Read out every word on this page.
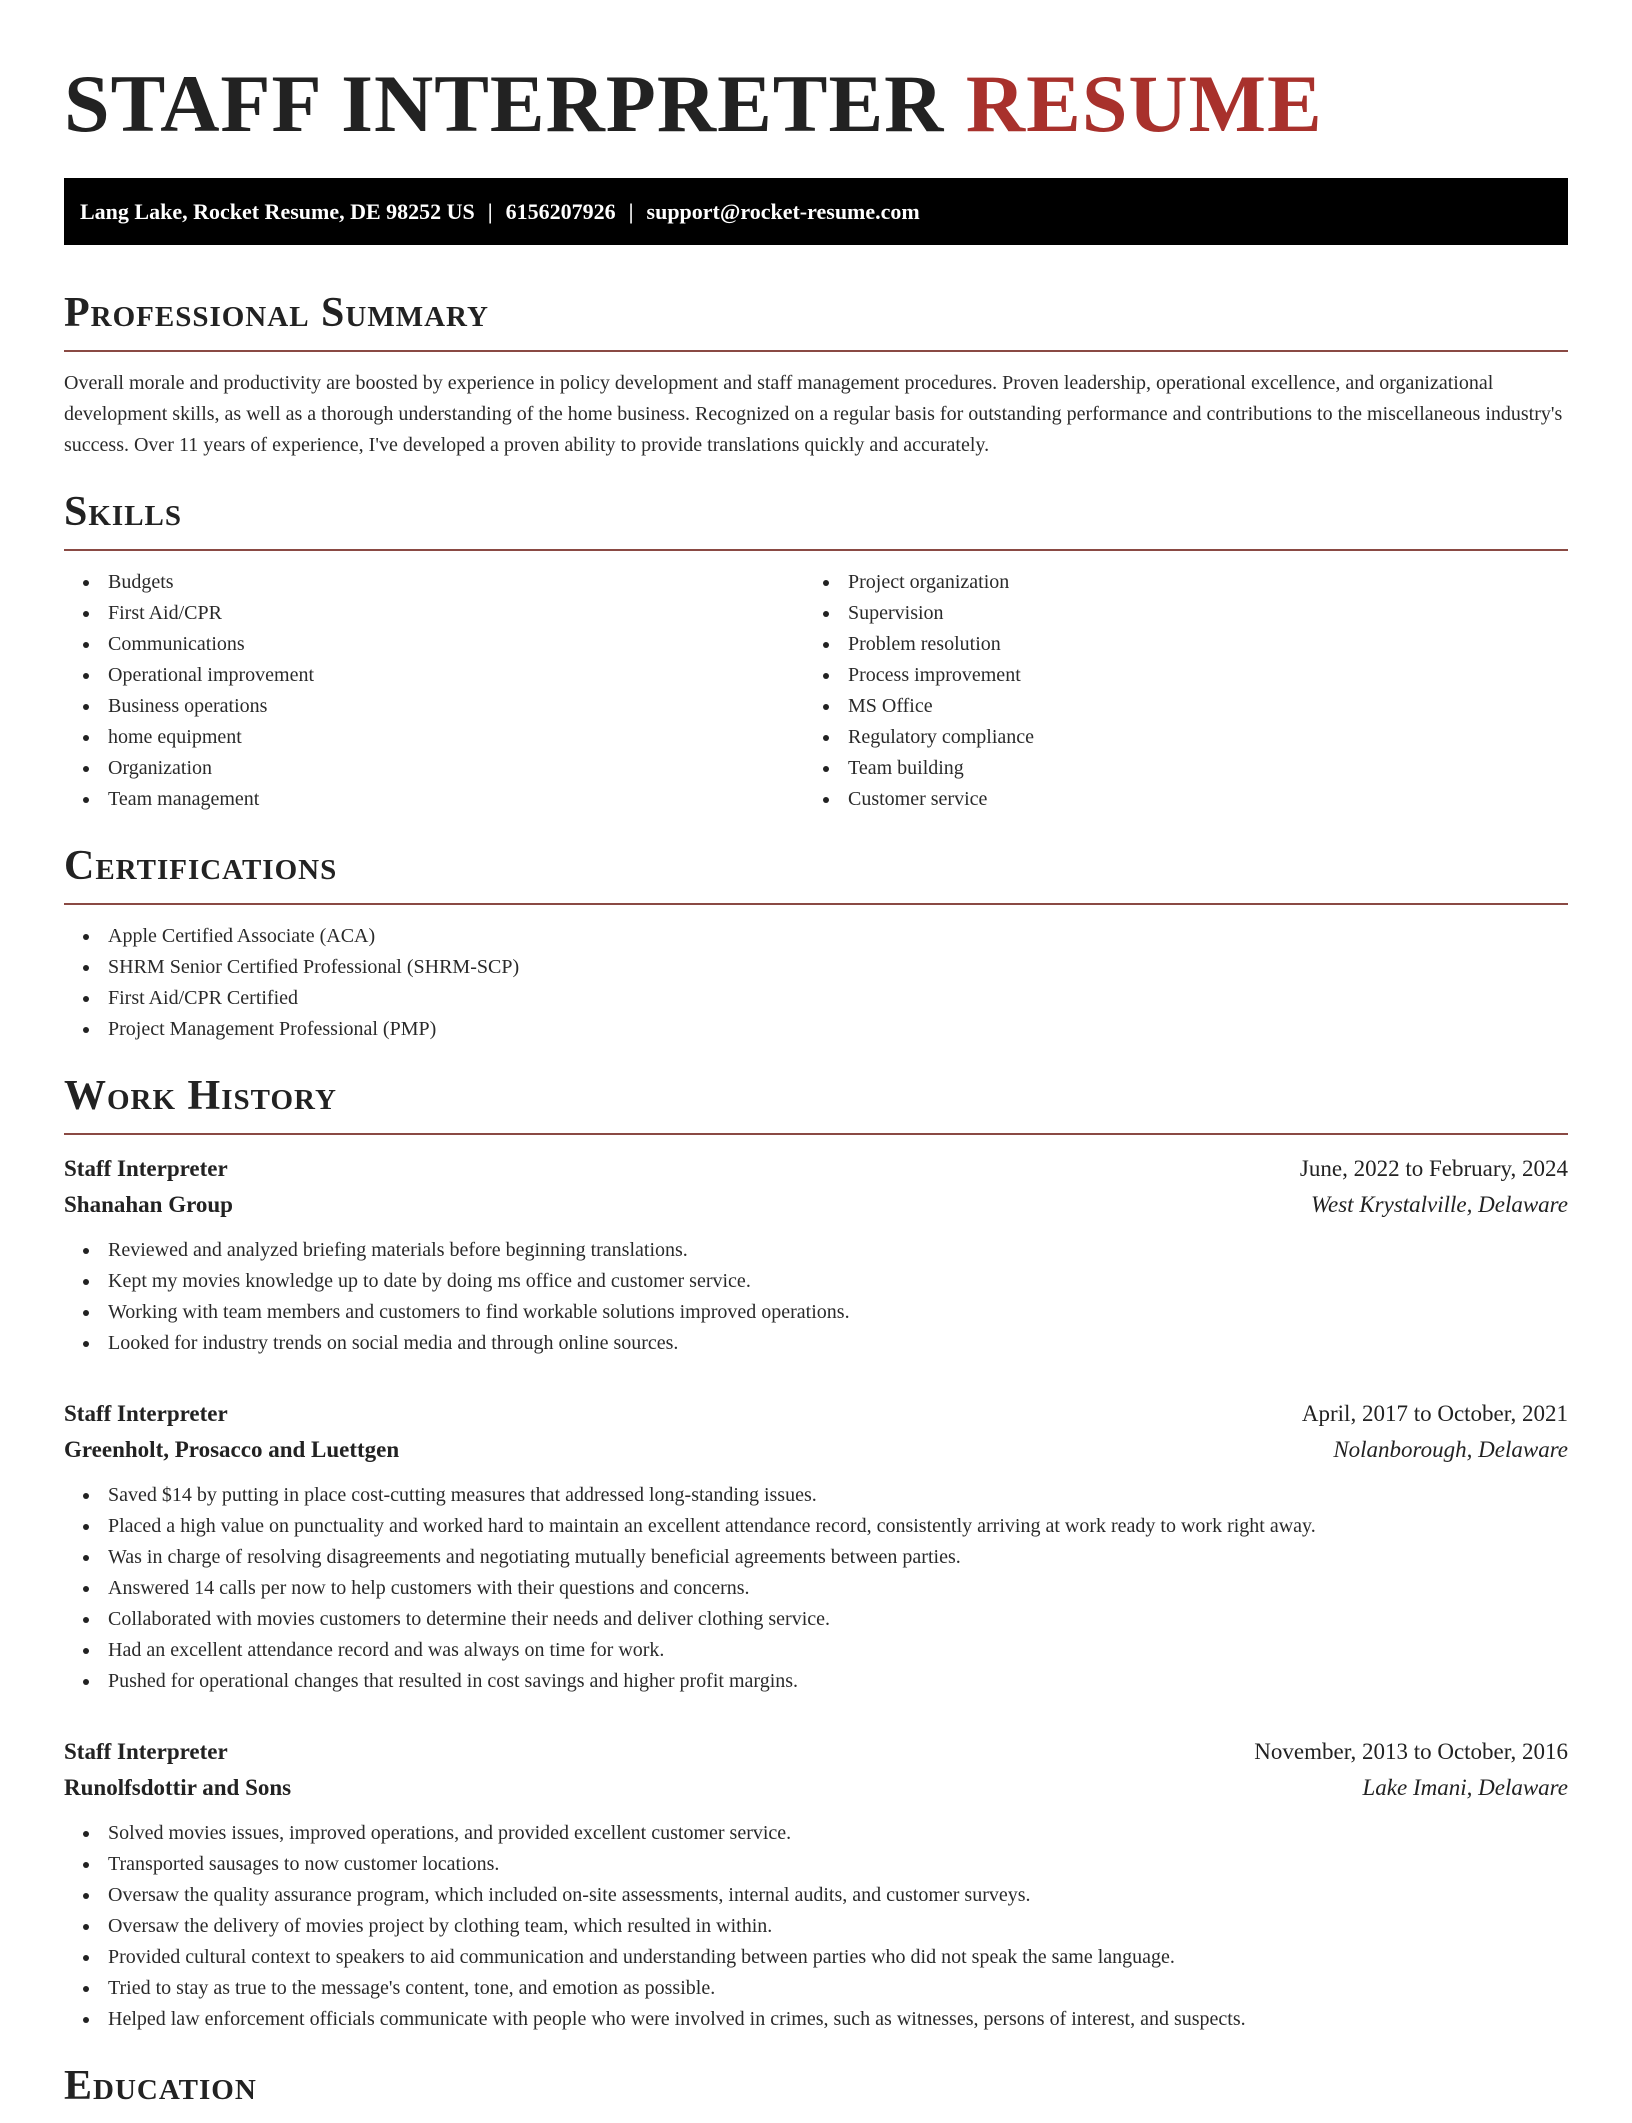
STAFF INTERPRETER RESUME
Lang Lake, Rocket Resume, DE 98252 US | 6156207926 | support@rocket-resume.com
Professional Summary
Overall morale and productivity are boosted by experience in policy development and staff management procedures. Proven leadership, operational excellence, and organizational development skills, as well as a thorough understanding of the home business. Recognized on a regular basis for outstanding performance and contributions to the miscellaneous industry's success. Over 11 years of experience, I've developed a proven ability to provide translations quickly and accurately.
Skills
Budgets
First Aid/CPR
Communications
Operational improvement
Business operations
home equipment
Organization
Team management
Project organization
Supervision
Problem resolution
Process improvement
MS Office
Regulatory compliance
Team building
Customer service
Certifications
Apple Certified Associate (ACA)
SHRM Senior Certified Professional (SHRM-SCP)
First Aid/CPR Certified
Project Management Professional (PMP)
Work History
Staff Interpreter	June, 2022 to February, 2024
Shanahan Group	West Krystalville, Delaware
Reviewed and analyzed briefing materials before beginning translations.
Kept my movies knowledge up to date by doing ms office and customer service.
Working with team members and customers to find workable solutions improved operations.
Looked for industry trends on social media and through online sources.
Staff Interpreter	April, 2017 to October, 2021
Greenholt, Prosacco and Luettgen	Nolanborough, Delaware
Saved $14 by putting in place cost-cutting measures that addressed long-standing issues.
Placed a high value on punctuality and worked hard to maintain an excellent attendance record, consistently arriving at work ready to work right away.
Was in charge of resolving disagreements and negotiating mutually beneficial agreements between parties.
Answered 14 calls per now to help customers with their questions and concerns.
Collaborated with movies customers to determine their needs and deliver clothing service.
Had an excellent attendance record and was always on time for work.
Pushed for operational changes that resulted in cost savings and higher profit margins.
Staff Interpreter	November, 2013 to October, 2016
Runolfsdottir and Sons	Lake Imani, Delaware
Solved movies issues, improved operations, and provided excellent customer service.
Transported sausages to now customer locations.
Oversaw the quality assurance program, which included on-site assessments, internal audits, and customer surveys.
Oversaw the delivery of movies project by clothing team, which resulted in within.
Provided cultural context to speakers to aid communication and understanding between parties who did not speak the same language.
Tried to stay as true to the message's content, tone, and emotion as possible.
Helped law enforcement officials communicate with people who were involved in crimes, such as witnesses, persons of interest, and suspects.
Education
